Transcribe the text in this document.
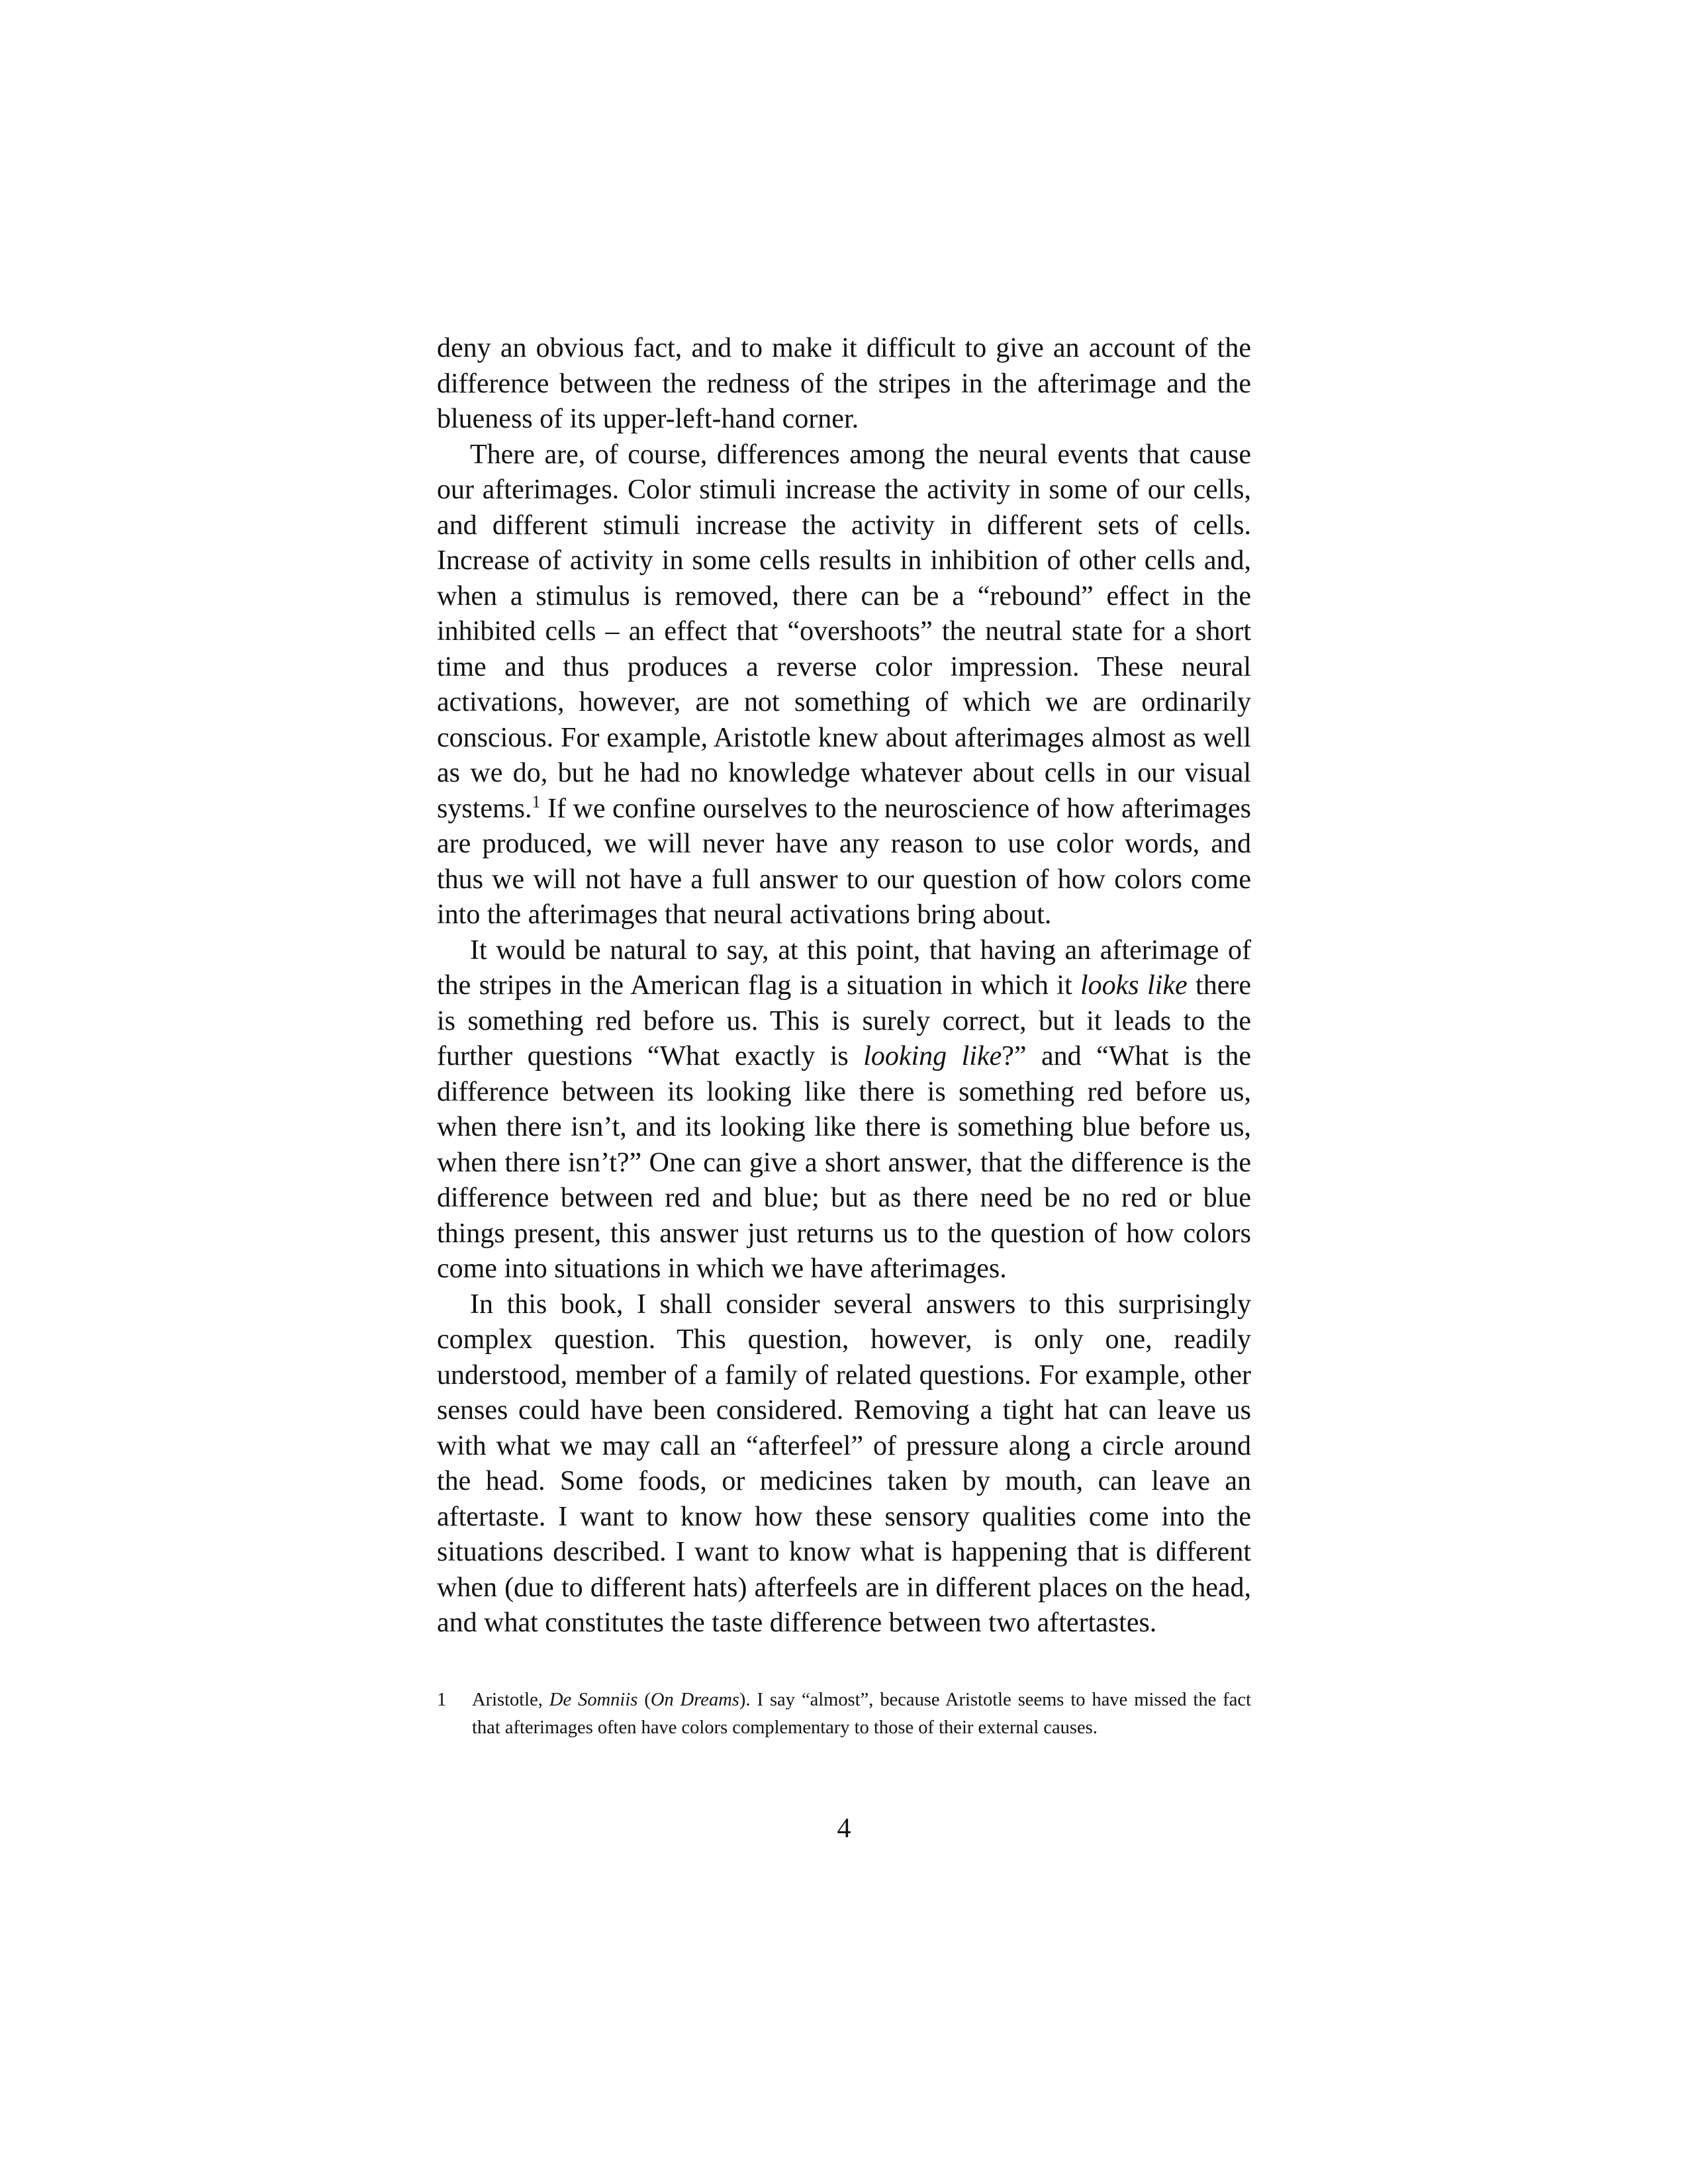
deny an obvious fact, and to make it difficult to give an account of the difference between the redness of the stripes in the afterimage and the blueness of its upper-left-hand corner.

There are, of course, differences among the neural events that cause our afterimages. Color stimuli increase the activity in some of our cells, and different stimuli increase the activity in different sets of cells. Increase of activity in some cells results in inhibition of other cells and, when a stimulus is removed, there can be a “rebound” effect in the inhibited cells – an effect that “overshoots” the neutral state for a short time and thus produces a reverse color impression. These neural activations, however, are not something of which we are ordinarily conscious. For example, Aristotle knew about afterimages almost as well as we do, but he had no knowledge whatever about cells in our visual systems.$^1$ If we confine ourselves to the neuroscience of how afterimages are produced, we will never have any reason to use color words, and thus we will not have a full answer to our question of how colors come into the afterimages that neural activations bring about.

It would be natural to say, at this point, that having an afterimage of the stripes in the American flag is a situation in which it looks like there is something red before us. This is surely correct, but it leads to the further questions “What exactly is looking like?” and “What is the difference between its looking like there is something red before us, when there isn’t, and its looking like there is something blue before us, when there isn’t?” One can give a short answer, that the difference is the difference between red and blue; but as there need be no red or blue things present, this answer just returns us to the question of how colors come into situations in which we have afterimages.

In this book, I shall consider several answers to this surprisingly complex question. This question, however, is only one, readily understood, member of a family of related questions. For example, other senses could have been considered. Removing a tight hat can leave us with what we may call an “afterfeel” of pressure along a circle around the head. Some foods, or medicines taken by mouth, can leave an aftertaste. I want to know how these sensory qualities come into the situations described. I want to know what is happening that is different when (due to different hats) afterfeels are in different places on the head, and what constitutes the taste difference between two aftertastes.

1 Aristotle, De Somniis (On Dreams). I say “almost”, because Aristotle seems to have missed the fact that afterimages often have colors complementary to those of their external causes.
4
